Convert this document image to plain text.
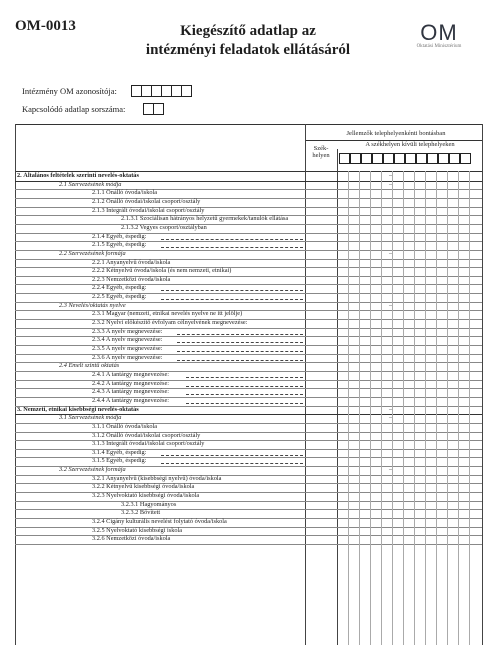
OM-0013	Kiegészítő adatlap az
intézményi feladatok ellátásáról
OM
Oktatási Minisztérium
Intézmény OM azonosítója:
Kapcsolódó adatlap sorszáma:
Jellemzők telephelyenkénti bontásban
Szék-helyen
A székhelyen kívüli telephelyeken
2. Általános feltételek szerinti nevelés-oktatás	–
2.1 Szervezésének módja	–
2.1.1 Önálló óvoda/iskola
2.1.2 Önálló óvodai/iskolai csoport/osztály
2.1.3 Integrált óvodai/iskolai csoport/osztály
2.1.3.1 Szociálisan hátrányos helyzetű gyermekek/tanulók ellátása
2.1.3.2 Vegyes csoport/osztályban
2.1.4 Egyéb, éspedig:
2.1.5 Egyéb, éspedig:
2.2 Szervezésének formája	–
2.2.1 Anyanyelvű óvoda/iskola
2.2.2 Kétnyelvű óvoda/iskola (és nem nemzeti, etnikai)
2.2.3 Nemzetközi óvoda/iskola
2.2.4 Egyéb, éspedig:
2.2.5 Egyéb, éspedig:
2.3 Nevelés/oktatás nyelve	–
2.3.1 Magyar (nemzeti, etnikai nevelés nyelve ne itt jelölje)
2.3.2 Nyelvi előkészítő évfolyam célnyelvének megnevezése:
2.3.3 A nyelv megnevezése:
2.3.4 A nyelv megnevezése:
2.3.5 A nyelv megnevezése:
2.3.6 A nyelv megnevezése:
2.4 Emelt szintű oktatás
2.4.1 A tantárgy megnevezése:
2.4.2 A tantárgy megnevezése:
2.4.3 A tantárgy megnevezése:
2.4.4 A tantárgy megnevezése:
3. Nemzeti, etnikai kisebbségi nevelés-oktatás	–
3.1 Szervezésének módja	–
3.1.1 Önálló óvoda/iskola
3.1.2 Önálló óvodai/iskolai csoport/osztály
3.1.3 Integrált óvodai/iskolai csoport/osztály
3.1.4 Egyéb, éspedig:
3.1.5 Egyéb, éspedig:
3.2 Szervezésének formája	–
3.2.1 Anyanyelvű (kisebbségi nyelvű) óvoda/iskola
3.2.2 Kétnyelvű kisebbségi óvoda/iskola
3.2.3 Nyelvoktató kisebbségi óvoda/iskola
3.2.3.1 Hagyományos
3.2.3.2 Bővített
3.2.4 Cigány kulturális nevelést folytató óvoda/iskola
3.2.5 Nyelvoktató kisebbségi iskola
3.2.6 Nemzetközi óvoda/iskola
